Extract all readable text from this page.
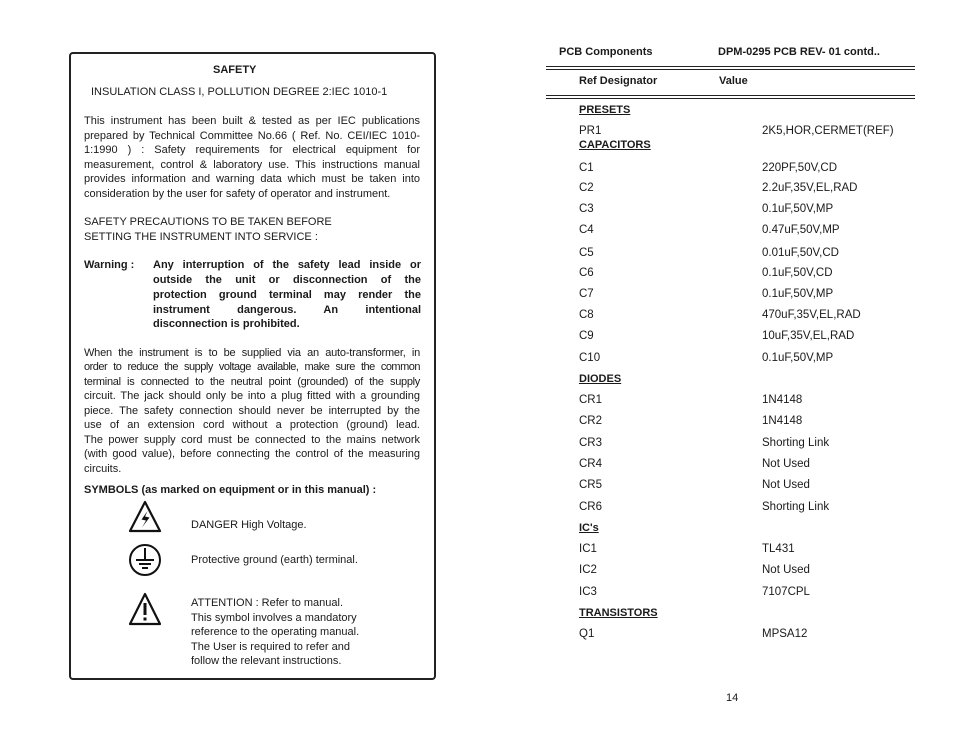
SAFETY
INSULATION CLASS I, POLLUTION DEGREE 2:IEC 1010-1
This instrument has been built & tested as per IEC publications
prepared by Technical Committee No.66 ( Ref. No. CEI/IEC 1010-
1:1990 ) : Safety requirements for electrical equipment for
measurement, control & laboratory use. This instructions manual
provides information and warning data which must be taken into
consideration by the user for safety of operator and instrument.
SAFETY PRECAUTIONS TO BE TAKEN BEFORE
SETTING THE INSTRUMENT INTO SERVICE :
Warning : Any interruption of the safety lead inside or
outside the unit or disconnection of the
protection ground terminal may render the
instrument dangerous. An intentional
disconnection is prohibited.
When the instrument is to be supplied via an auto-transformer, in
order to reduce the supply voltage available, make sure the common
terminal is connected to the neutral point (grounded) of the supply
circuit. The jack should only be into a plug fitted with a grounding
piece. The safety connection should never be interrupted by the
use of an extension cord without a protection (ground) lead.
The power supply cord must be connected to the mains network
(with good value), before connecting the control of the measuring
circuits.
SYMBOLS (as marked on equipment or in this manual) :
DANGER High Voltage.
Protective ground (earth) terminal.
ATTENTION : Refer to manual.
This symbol involves a mandatory
reference to the operating manual.
The User is required to refer and
follow the relevant instructions.
PCB Components	DPM-0295 PCB REV- 01 contd..
Ref Designator	Value
PRESETS
PR1	2K5,HOR,CERMET(REF)
CAPACITORS
C1	220PF,50V,CD
C2	2.2uF,35V,EL,RAD
C3	0.1uF,50V,MP
C4	0.47uF,50V,MP
C5	0.01uF,50V,CD
C6	0.1uF,50V,CD
C7	0.1uF,50V,MP
C8	470uF,35V,EL,RAD
C9	10uF,35V,EL,RAD
C10	0.1uF,50V,MP
DIODES
CR1	1N4148
CR2	1N4148
CR3	Shorting Link
CR4	Not Used
CR5	Not Used
CR6	Shorting Link
IC's
IC1	TL431
IC2	Not Used
IC3	7107CPL
TRANSISTORS
Q1	MPSA12
14
